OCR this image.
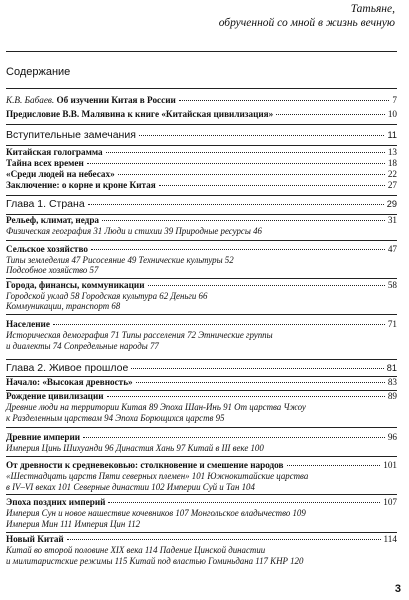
Татьяне,
обрученной со мной в жизнь вечную
Содержание
К.В. Бабаев.
Об изучении Китая в России	7
Предисловие В.В. Малявина к книге «Китайская цивилизация»	10
Вступительные замечания	11
Китайская голограмма	13
Тайна всех времен	18
«Среди людей на небесах»	22
Заключение: о корне и кроне Китая	27
Глава 1. Страна	29
Рельеф, климат, недра	31
Физическая география 31 Люди и стихии 39 Природные ресурсы 46
Сельское хозяйство	47
Типы земледелия 47 Рисосеяние 49 Технические культуры 52
Подсобное хозяйство 57
Города, финансы, коммуникации	58
Городской уклад 58 Городская культура 62 Деньги 66
Коммуникации, транспорт 68
Население	71
Историческая демография 71 Типы расселения 72 Этнические группы
и диалекты 74 Сопредельные народы 77
Глава 2. Живое прошлое	81
Начало: «Высокая древность»	83
Рождение цивилизации	89
Древние люди на территории Китая 89 Эпоха Шан-Инь 91 От царства Чжоу
к Разделенным царствам 94 Эпоха Борющихся царств 95
Древние империи	96
Империя Цинь Шихуанди 96 Династия Хань 97 Китай в III веке 100
От древности к средневековью: столкновение и смешение народов	101
«Шестнадцать царств Пяти северных племен» 101 Южнокитайские царства
в IV–VI веках 101 Северные династии 102 Империи Суй и Тан 104
Эпоха поздних империй	107
Империя Сун и новое нашествие кочевников 107 Монгольское владычество 109
Империя Мин 111 Империя Цин 112
Новый Китай	114
Китай во второй половине XIX века 114 Падение Цинской династии
и милитаристские режимы 115 Китай под властью Гоминьдана 117 КНР 120
3
